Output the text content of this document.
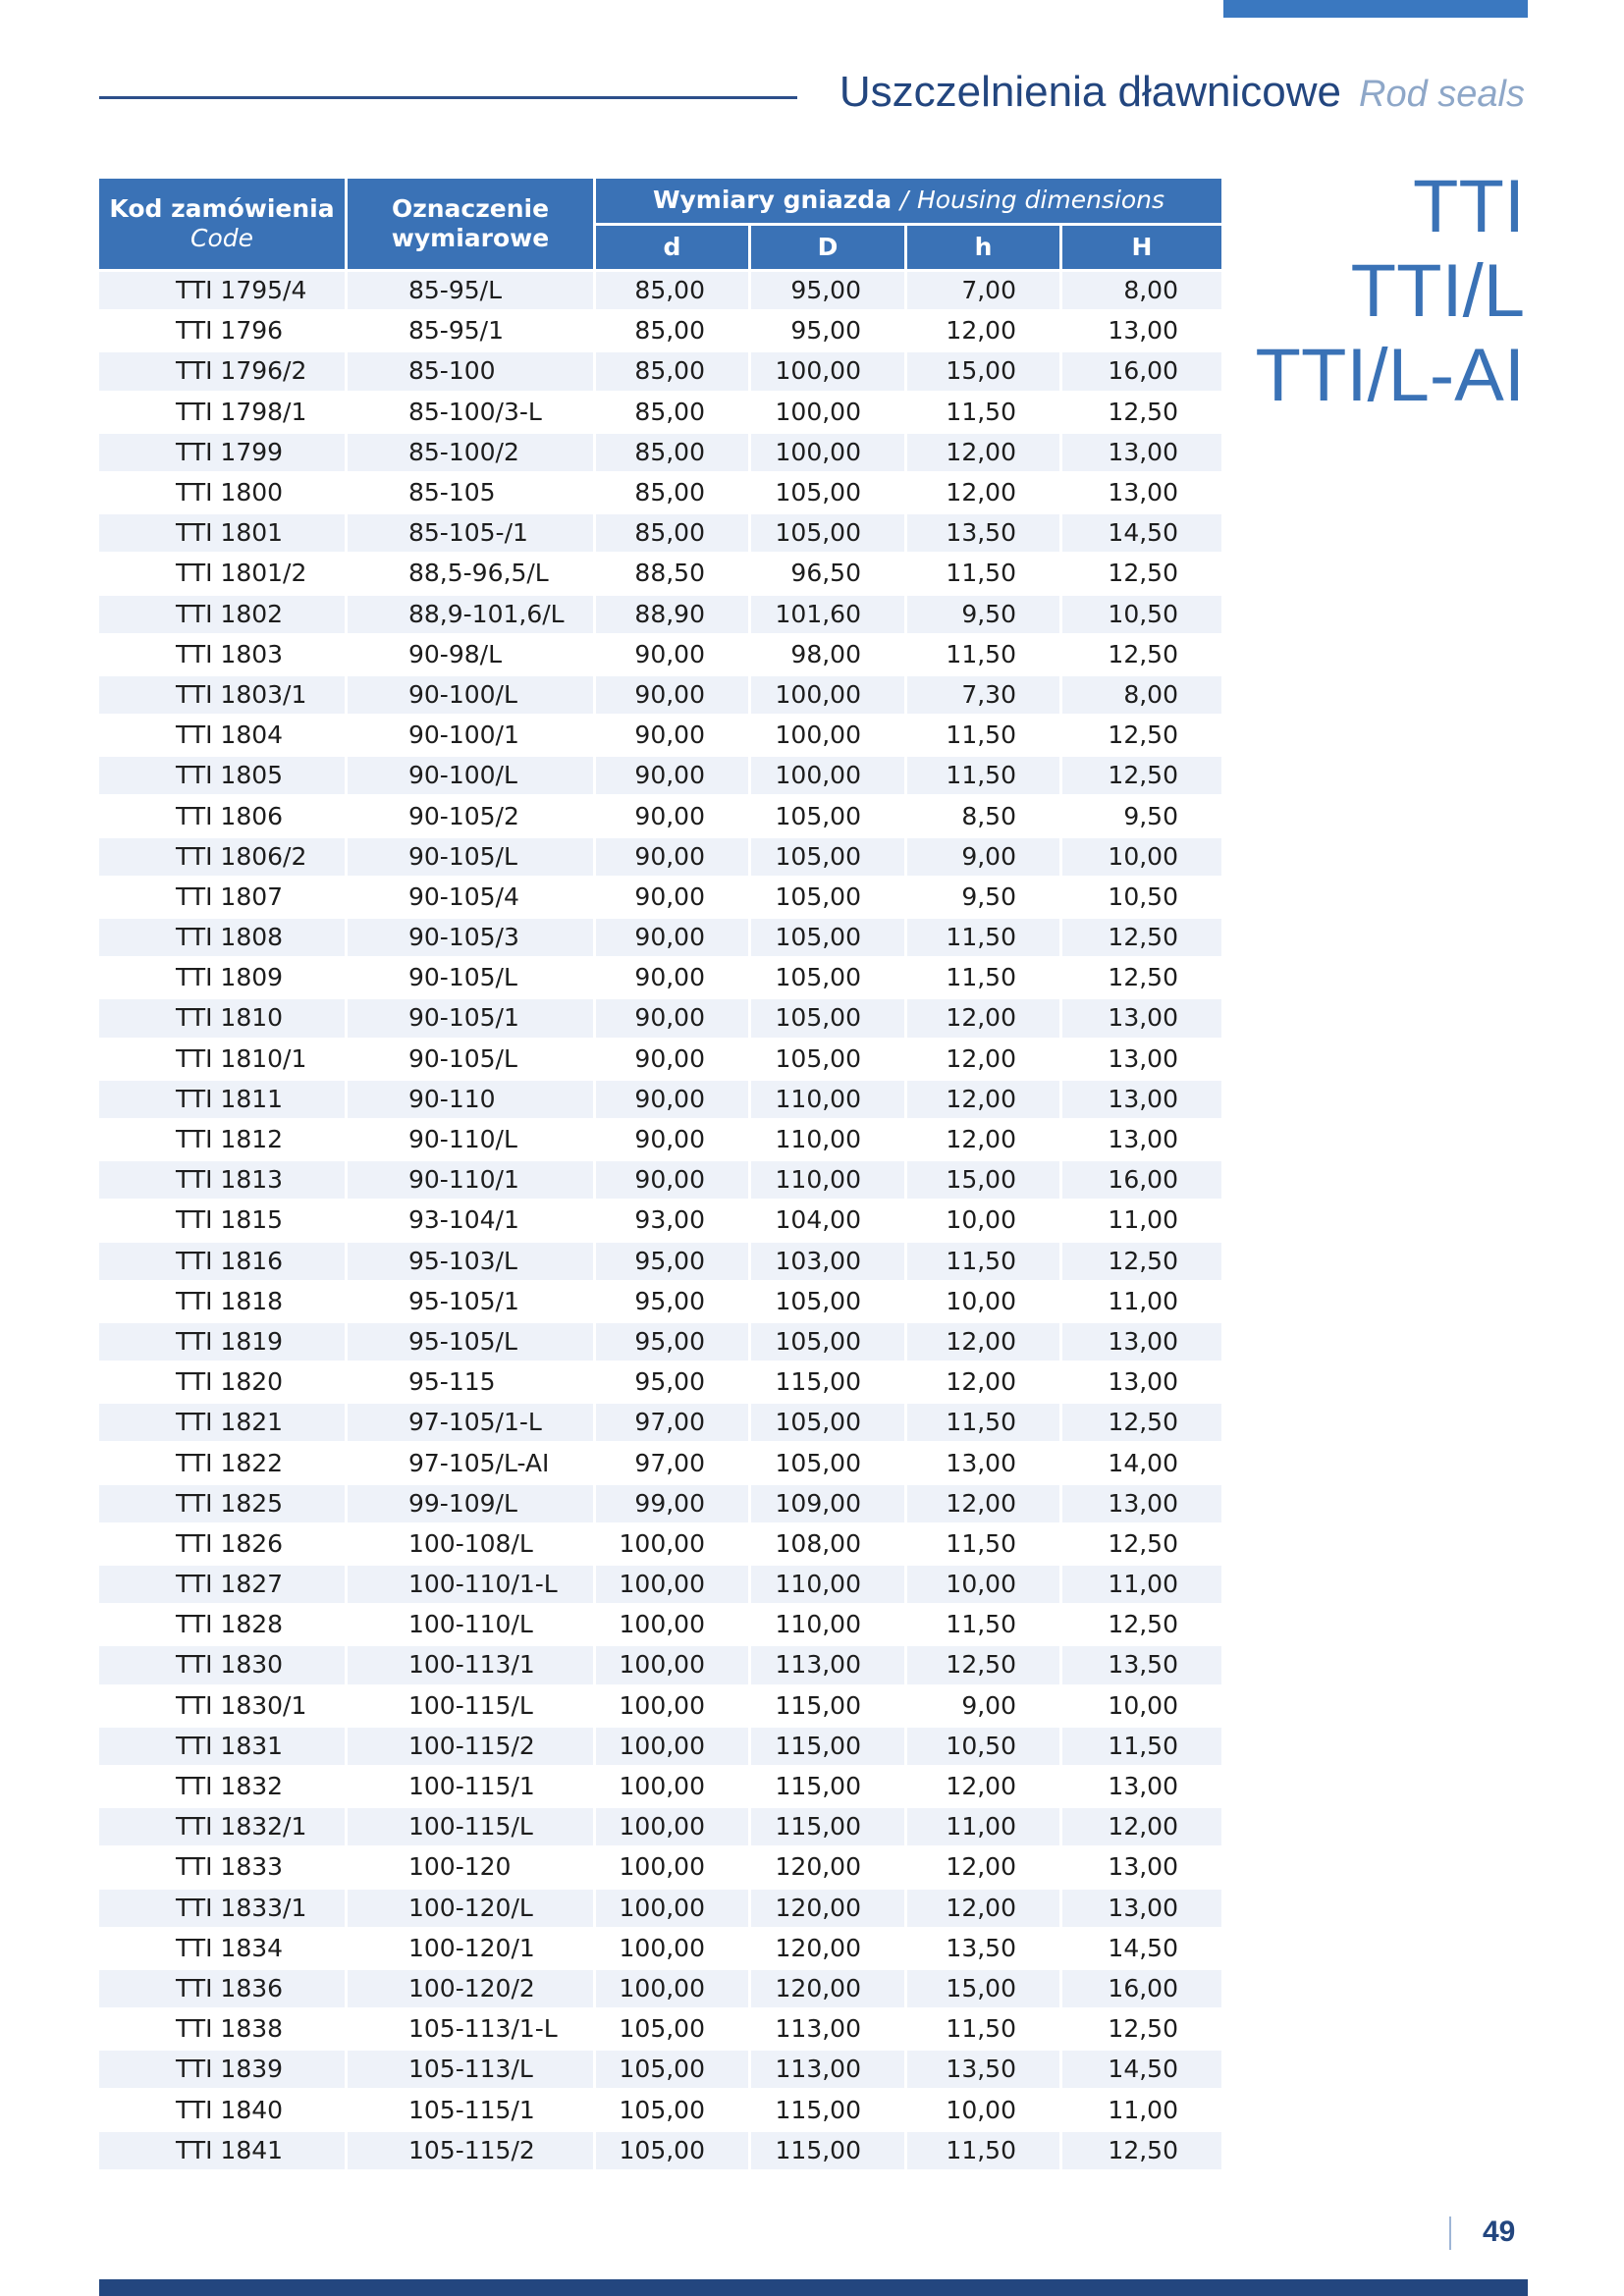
Uszczelnienia dławnicowe Rod seals
TTI
TTI/L
TTI/L-AI
Kod zamówienia
Code	Oznaczenie wymiarowe	Wymiary gniazda / Housing dimensions			
		d	D	h	H
TTI 1795/4	85-95/L	85,00	95,00	7,00	8,00
TTI 1796	85-95/1	85,00	95,00	12,00	13,00
TTI 1796/2	85-100	85,00	100,00	15,00	16,00
TTI 1798/1	85-100/3-L	85,00	100,00	11,50	12,50
TTI 1799	85-100/2	85,00	100,00	12,00	13,00
TTI 1800	85-105	85,00	105,00	12,00	13,00
TTI 1801	85-105-/1	85,00	105,00	13,50	14,50
TTI 1801/2	88,5-96,5/L	88,50	96,50	11,50	12,50
TTI 1802	88,9-101,6/L	88,90	101,60	9,50	10,50
TTI 1803	90-98/L	90,00	98,00	11,50	12,50
TTI 1803/1	90-100/L	90,00	100,00	7,30	8,00
TTI 1804	90-100/1	90,00	100,00	11,50	12,50
TTI 1805	90-100/L	90,00	100,00	11,50	12,50
TTI 1806	90-105/2	90,00	105,00	8,50	9,50
TTI 1806/2	90-105/L	90,00	105,00	9,00	10,00
TTI 1807	90-105/4	90,00	105,00	9,50	10,50
TTI 1808	90-105/3	90,00	105,00	11,50	12,50
TTI 1809	90-105/L	90,00	105,00	11,50	12,50
TTI 1810	90-105/1	90,00	105,00	12,00	13,00
TTI 1810/1	90-105/L	90,00	105,00	12,00	13,00
TTI 1811	90-110	90,00	110,00	12,00	13,00
TTI 1812	90-110/L	90,00	110,00	12,00	13,00
TTI 1813	90-110/1	90,00	110,00	15,00	16,00
TTI 1815	93-104/1	93,00	104,00	10,00	11,00
TTI 1816	95-103/L	95,00	103,00	11,50	12,50
TTI 1818	95-105/1	95,00	105,00	10,00	11,00
TTI 1819	95-105/L	95,00	105,00	12,00	13,00
TTI 1820	95-115	95,00	115,00	12,00	13,00
TTI 1821	97-105/1-L	97,00	105,00	11,50	12,50
TTI 1822	97-105/L-AI	97,00	105,00	13,00	14,00
TTI 1825	99-109/L	99,00	109,00	12,00	13,00
TTI 1826	100-108/L	100,00	108,00	11,50	12,50
TTI 1827	100-110/1-L	100,00	110,00	10,00	11,00
TTI 1828	100-110/L	100,00	110,00	11,50	12,50
TTI 1830	100-113/1	100,00	113,00	12,50	13,50
TTI 1830/1	100-115/L	100,00	115,00	9,00	10,00
TTI 1831	100-115/2	100,00	115,00	10,50	11,50
TTI 1832	100-115/1	100,00	115,00	12,00	13,00
TTI 1832/1	100-115/L	100,00	115,00	11,00	12,00
TTI 1833	100-120	100,00	120,00	12,00	13,00
TTI 1833/1	100-120/L	100,00	120,00	12,00	13,00
TTI 1834	100-120/1	100,00	120,00	13,50	14,50
TTI 1836	100-120/2	100,00	120,00	15,00	16,00
TTI 1838	105-113/1-L	105,00	113,00	11,50	12,50
TTI 1839	105-113/L	105,00	113,00	13,50	14,50
TTI 1840	105-115/1	105,00	115,00	10,00	11,00
TTI 1841	105-115/2	105,00	115,00	11,50	12,50
49
